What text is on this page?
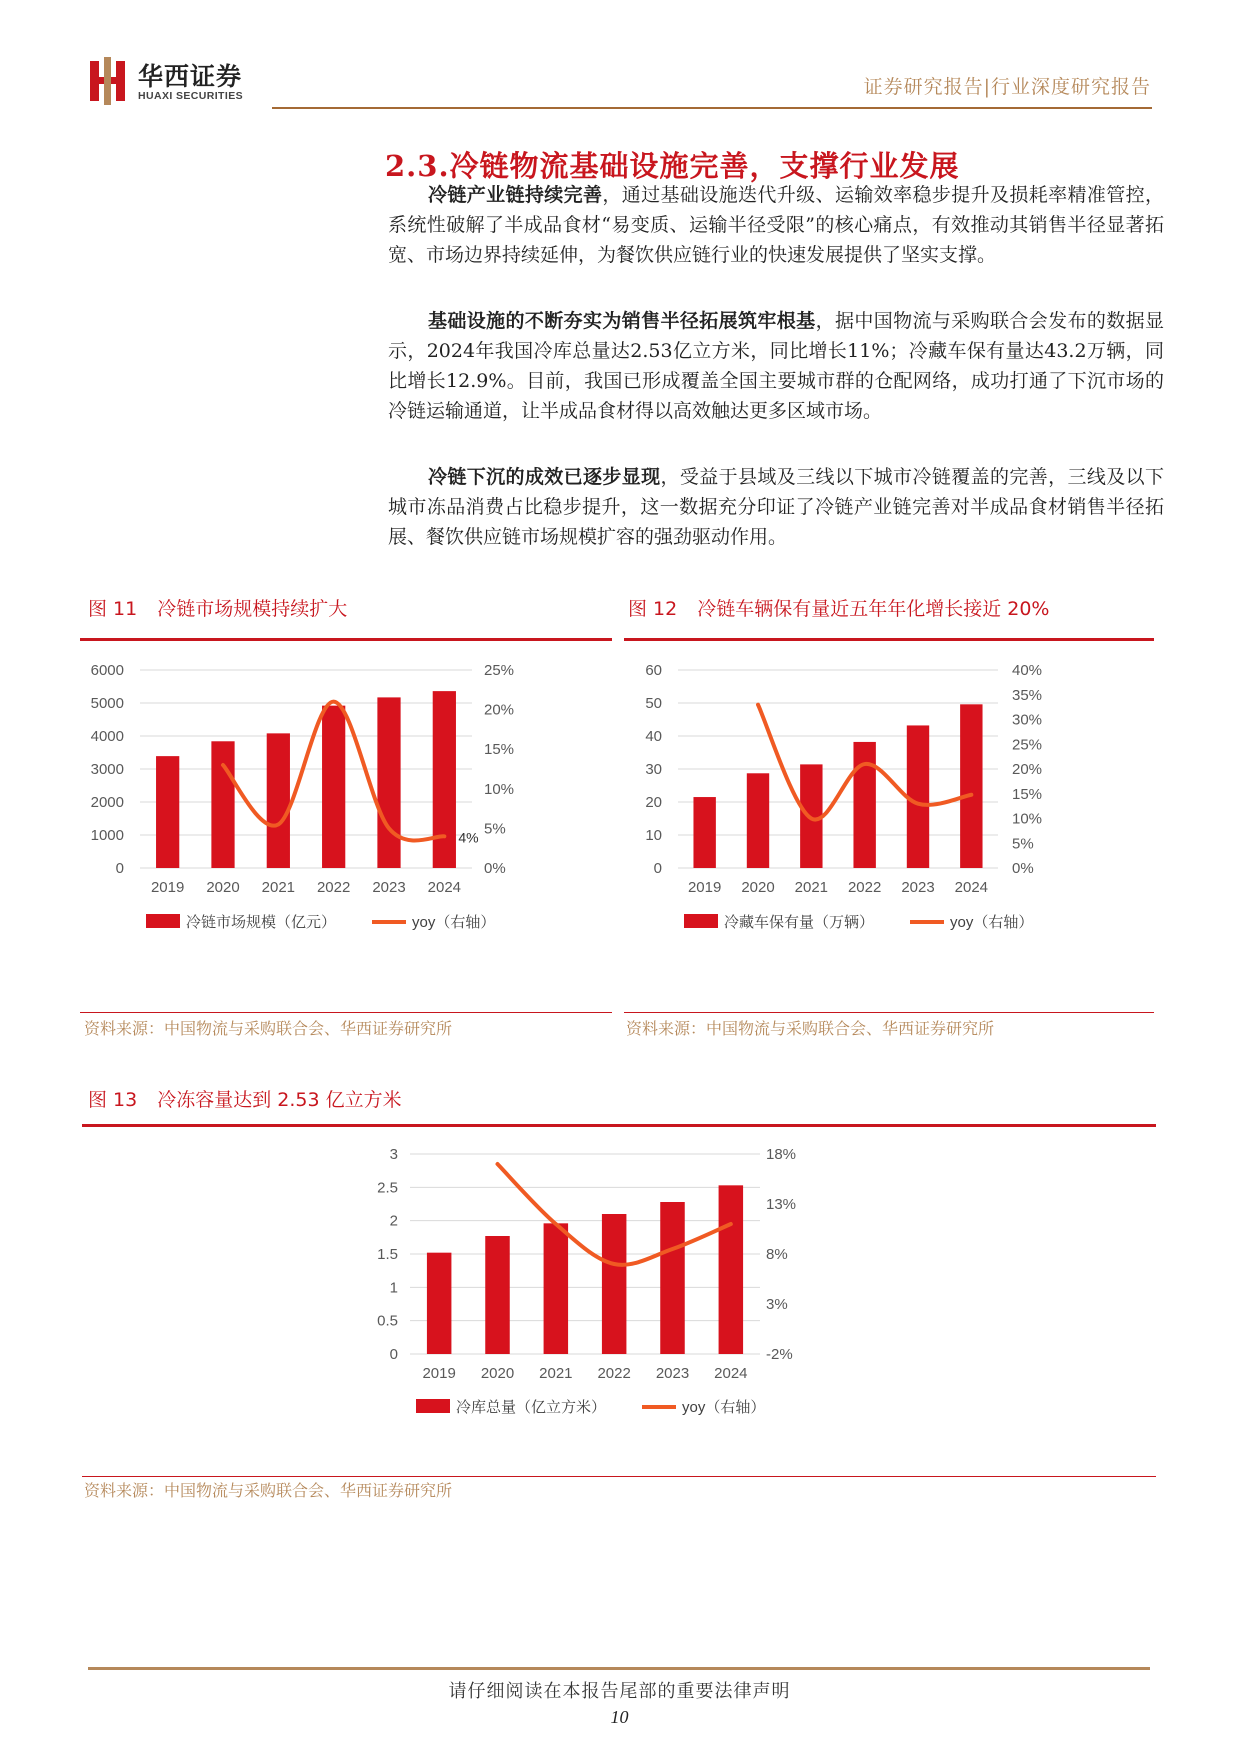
华西证券
HUAXI SECURITIES	证券研究报告|行业深度研究报告
2.3.冷链物流基础设施完善，支撑行业发展

冷链产业链持续完善，通过基础设施迭代升级、运输效率稳步提升及损耗率精准管控，系统性破解了半成品食材“易变质、运输半径受限”的核心痛点，有效推动其销售半径显著拓宽、市场边界持续延伸，为餐饮供应链行业的快速发展提供了坚实支撑。

基础设施的不断夯实为销售半径拓展筑牢根基，据中国物流与采购联合会发布的数据显示，2024年我国冷库总量达2.53亿立方米，同比增长11%；冷藏车保有量达43.2万辆，同比增长12.9%。目前，我国已形成覆盖全国主要城市群的仓配网络，成功打通了下沉市场的冷链运输通道，让半成品食材得以高效触达更多区域市场。

冷链下沉的成效已逐步显现，受益于县域及三线以下城市冷链覆盖的完善，三线及以下城市冻品消费占比稳步提升，这一数据充分印证了冷链产业链完善对半成品食材销售半径拓展、餐饮供应链市场规模扩容的强劲驱动作用。

图 11 冷链市场规模持续扩大
6000
5000
4000
3000
2000
1000
0
25%
20%
15%
10%
5%
0%
2019 2020 2021 2022 2023 2024
4%
冷链市场规模（亿元）	yoy（右轴）
资料来源：中国物流与采购联合会、华西证券研究所
图 12 冷链车辆保有量近五年年化增长接近 20%
60
50
40
30
20
10
0
40%
35%
30%
25%
20%
15%
10%
5%
0%
2019 2020 2021 2022 2023 2024
冷藏车保有量（万辆）	yoy（右轴）
资料来源：中国物流与采购联合会、华西证券研究所
图 13 冷冻容量达到 2.53 亿立方米
3
2.5
2
1.5
1
0.5
0
18%
13%
8%
3%
-2%
2019 2020 2021 2022 2023 2024
冷库总量（亿立方米）	yoy（右轴）
资料来源：中国物流与采购联合会、华西证券研究所
请仔细阅读在本报告尾部的重要法律声明
10
